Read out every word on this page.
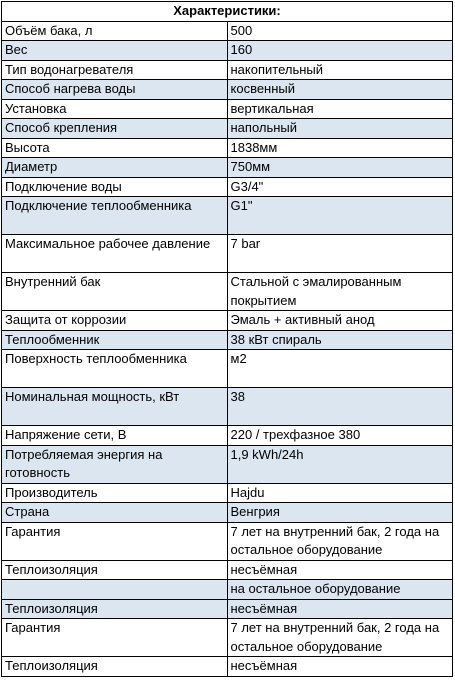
Характеристики:	
Объём бака, л	500
Вес	160
Тип водонагревателя	накопительный
Способ нагрева воды	косвенный
Установка	вертикальная
Способ крепления	напольный
Высота	1838мм
Диаметр	750мм
Подключение воды	G3/4"
Подключение теплообменника	G1"
Максимальное рабочее давление	7 bar
Внутренний бак	Стальной с эмалированным покрытием
Защита от коррозии	Эмаль + активный анод
Теплообменник	38 кВт спираль
Поверхность теплообменника	м2
Номинальная мощность, кВт	38
Напряжение сети, В	220 / трехфазное 380
Потребляемая энергия на готовность	1,9 kWh/24h
Производитель	Hajdu
Страна	Венгрия
Гарантия	7 лет на внутренний бак, 2 года на остальное оборудование
Теплоизоляция	несъёмная
	на остальное оборудование
Теплоизоляция	несъёмная
Гарантия	7 лет на внутренний бак, 2 года на остальное оборудование
Теплоизоляция	несъёмная
